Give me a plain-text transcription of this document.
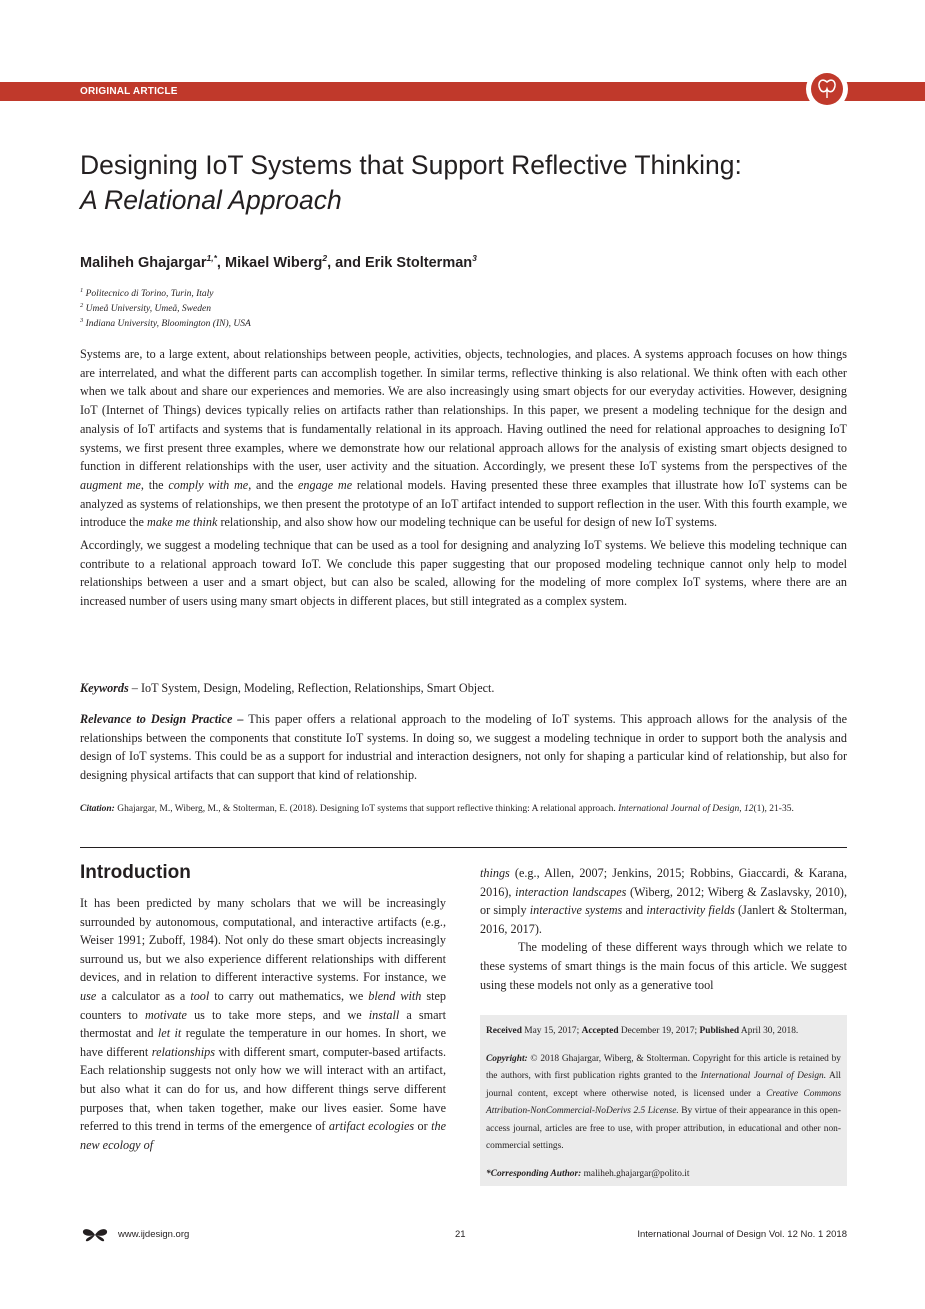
ORIGINAL ARTICLE
Designing IoT Systems that Support Reflective Thinking:
A Relational Approach
Maliheh Ghajargar$^{1,*}$, Mikael Wiberg$^2$, and Erik Stolterman$^3$
$^1$ Politecnico di Torino, Turin, Italy
$^2$ Umeå University, Umeå, Sweden
$^3$ Indiana University, Bloomington (IN), USA

Systems are, to a large extent, about relationships between people, activities, objects, technologies, and places. A systems approach focuses on how things are interrelated, and what the different parts can accomplish together. In similar terms, reflective thinking is also relational. We think often with each other when we talk about and share our experiences and memories. We are also increasingly using smart objects for our everyday activities. However, designing IoT (Internet of Things) devices typically relies on artifacts rather than relationships. In this paper, we present a modeling technique for the design and analysis of IoT artifacts and systems that is fundamentally relational in its approach. Having outlined the need for relational approaches to designing IoT systems, we first present three examples, where we demonstrate how our relational approach allows for the analysis of existing smart objects designed to function in different relationships with the user, user activity and the situation. Accordingly, we present these IoT systems from the perspectives of the augment me, the comply with me, and the engage me relational models. Having presented these three examples that illustrate how IoT systems can be analyzed as systems of relationships, we then present the prototype of an IoT artifact intended to support reflection in the user. With this fourth example, we introduce the make me think relationship, and also show how our modeling technique can be useful for design of new IoT systems.

Accordingly, we suggest a modeling technique that can be used as a tool for designing and analyzing IoT systems. We believe this modeling technique can contribute to a relational approach toward IoT. We conclude this paper suggesting that our proposed modeling technique cannot only help to model relationships between a user and a smart object, but can also be scaled, allowing for the modeling of more complex IoT systems, where there are an increased number of users using many smart objects in different places, but still integrated as a complex system.

Keywords – IoT System, Design, Modeling, Reflection, Relationships, Smart Object.
Relevance to Design Practice – This paper offers a relational approach to the modeling of IoT systems. This approach allows for the analysis of the relationships between the components that constitute IoT systems. In doing so, we suggest a modeling technique in order to support both the analysis and design of IoT systems. This could be as a support for industrial and interaction designers, not only for shaping a particular kind of relationship, but also for designing physical artifacts that can support that kind of relationship.
Citation: Ghajargar, M., Wiberg, M., & Stolterman, E. (2018). Designing IoT systems that support reflective thinking: A relational approach. International Journal of Design, 12(1), 21-35.
Introduction
It has been predicted by many scholars that we will be increasingly surrounded by autonomous, computational, and interactive artifacts (e.g., Weiser 1991; Zuboff, 1984). Not only do these smart objects increasingly surround us, but we also experience different relationships with different devices, and in relation to different interactive systems. For instance, we use a calculator as a tool to carry out mathematics, we blend with step counters to motivate us to take more steps, and we install a smart thermostat and let it regulate the temperature in our homes. In short, we have different relationships with different smart, computer-based artifacts. Each relationship suggests not only how we will interact with an artifact, but also what it can do for us, and how different things serve different purposes that, when taken together, make our lives easier. Some have referred to this trend in terms of the emergence of artifact ecologies or the new ecology of

things (e.g., Allen, 2007; Jenkins, 2015; Robbins, Giaccardi, & Karana, 2016), interaction landscapes (Wiberg, 2012; Wiberg & Zaslavsky, 2010), or simply interactive systems and interactivity fields (Janlert & Stolterman, 2016, 2017).

The modeling of these different ways through which we relate to these systems of smart things is the main focus of this article. We suggest using these models not only as a generative tool

Received May 15, 2017; Accepted December 19, 2017; Published April 30, 2018.

Copyright: © 2018 Ghajargar, Wiberg, & Stolterman. Copyright for this article is retained by the authors, with first publication rights granted to the International Journal of Design. All journal content, except where otherwise noted, is licensed under a Creative Commons Attribution-NonCommercial-NoDerivs 2.5 License. By virtue of their appearance in this open-access journal, articles are free to use, with proper attribution, in educational and other non-commercial settings.

*Corresponding Author: maliheh.ghajargar@polito.it

www.ijdesign.org	21	International Journal of Design Vol. 12 No. 1 2018
